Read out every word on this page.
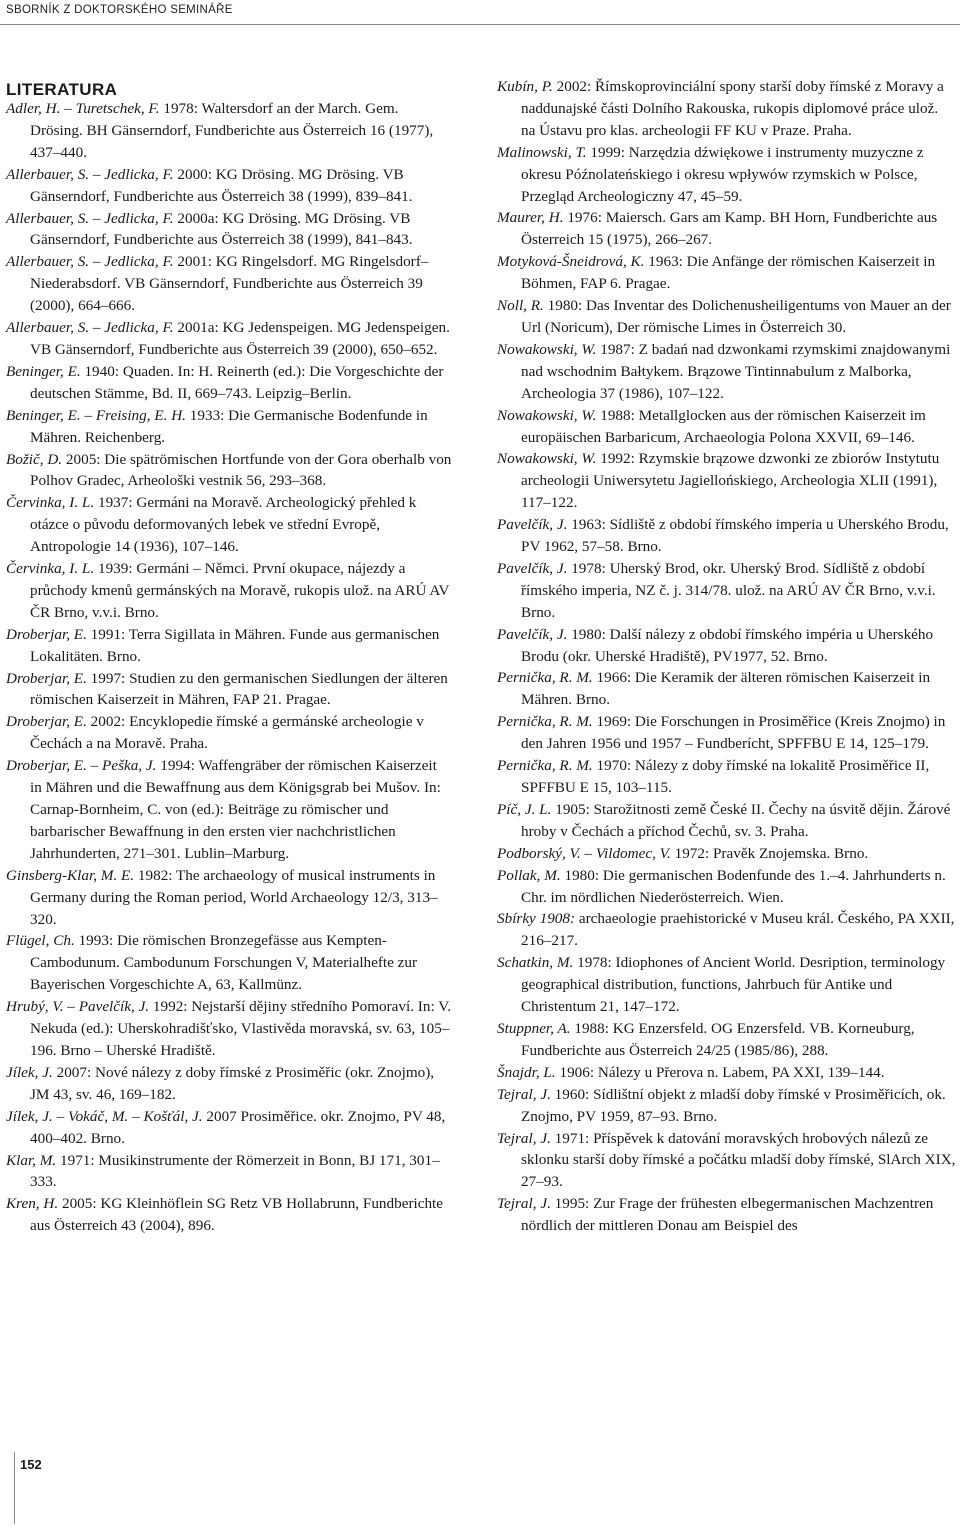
SBORNÍK Z DOKTORSKÉHO SEMINÁŘE
LITERATURA

Adler, H. – Turetschek, F. 1978: Waltersdorf an der March. Gem. Drösing. BH Gänserndorf, Fundberichte aus Österreich 16 (1977), 437–440.

Allerbauer, S. – Jedlicka, F. 2000: KG Drösing. MG Drösing. VB Gänserndorf, Fundberichte aus Österreich 38 (1999), 839–841.

Allerbauer, S. – Jedlicka, F. 2000a: KG Drösing. MG Drösing. VB Gänserndorf, Fundberichte aus Österreich 38 (1999), 841–843.

Allerbauer, S. – Jedlicka, F. 2001: KG Ringelsdorf. MG Ringelsdorf–Niederabsdorf. VB Gänserndorf, Fundberichte aus Österreich 39 (2000), 664–666.

Allerbauer, S. – Jedlicka, F. 2001a: KG Jedenspeigen. MG Jedenspeigen. VB Gänserndorf, Fundberichte aus Österreich 39 (2000), 650–652.

Beninger, E. 1940: Quaden. In: H. Reinerth (ed.): Die Vorgeschichte der deutschen Stämme, Bd. II, 669–743. Leipzig–Berlin.

Beninger, E. – Freising, E. H. 1933: Die Germanische Bodenfunde in Mähren. Reichenberg.

Božič, D. 2005: Die spätrömischen Hortfunde von der Gora oberhalb von Polhov Gradec, Arheološki vestnik 56, 293–368.

Červinka, I. L. 1937: Germáni na Moravě. Archeologický přehled k otázce o původu deformovaných lebek ve střední Evropě, Antropologie 14 (1936), 107–146.

Červinka, I. L. 1939: Germáni – Němci. První okupace, nájezdy a průchody kmenů germánských na Moravě, rukopis ulož. na ARÚ AV ČR Brno, v.v.i. Brno.

Droberjar, E. 1991: Terra Sigillata in Mähren. Funde aus germanischen Lokalitäten. Brno.

Droberjar, E. 1997: Studien zu den germanischen Siedlungen der älteren römischen Kaiserzeit in Mähren, FAP 21. Pragae.

Droberjar, E. 2002: Encyklopedie římské a germánské archeologie v Čechách a na Moravě. Praha.

Droberjar, E. – Peška, J. 1994: Waffengräber der römischen Kaiserzeit in Mähren und die Bewaffnung aus dem Königsgrab bei Mušov. In: Carnap-Bornheim, C. von (ed.): Beiträge zu römischer und barbarischer Bewaffnung in den ersten vier nachchristlichen Jahrhunderten, 271–301. Lublin–Marburg.

Ginsberg-Klar, M. E. 1982: The archaeology of musical instruments in Germany during the Roman period, World Archaeology 12/3, 313–320.

Flügel, Ch. 1993: Die römischen Bronzegefässe aus Kempten-Cambodunum. Cambodunum Forschungen V, Materialhefte zur Bayerischen Vorgeschichte A, 63, Kallmünz.

Hrubý, V. – Pavelčík, J. 1992: Nejstarší dějiny středního Pomoraví. In: V. Nekuda (ed.): Uherskohradišťsko, Vlastivěda moravská, sv. 63, 105–196. Brno – Uherské Hradiště.

Jílek, J. 2007: Nové nálezy z doby římské z Prosiměřic (okr. Znojmo), JM 43, sv. 46, 169–182.

Jílek, J. – Vokáč, M. – Košťál, J. 2007 Prosiměřice. okr. Znojmo, PV 48, 400–402. Brno.

Klar, M. 1971: Musikinstrumente der Römerzeit in Bonn, BJ 171, 301–333.

Kren, H. 2005: KG Kleinhöflein SG Retz VB Hollabrunn, Fundberichte aus Österreich 43 (2004), 896.

Kubín, P. 2002: Římskoprovinciální spony starší doby římské z Moravy a naddunajské části Dolního Rakouska, rukopis diplomové práce ulož. na Ústavu pro klas. archeologii FF KU v Praze. Praha.

Malinowski, T. 1999: Narzędzia dźwiękowe i instrumenty muzyczne z okresu Późnolateńskiego i okresu wpływów rzymskich w Polsce, Przegląd Archeologiczny 47, 45–59.

Maurer, H. 1976: Maiersch. Gars am Kamp. BH Horn, Fundberichte aus Österreich 15 (1975), 266–267.

Motyková-Šneidrová, K. 1963: Die Anfänge der römischen Kaiserzeit in Böhmen, FAP 6. Pragae.

Noll, R. 1980: Das Inventar des Dolichenusheiligentums von Mauer an der Url (Noricum), Der römische Limes in Österreich 30.

Nowakowski, W. 1987: Z badań nad dzwonkami rzymskimi znajdowanymi nad wschodnim Bałtykem. Brązowe Tintinnabulum z Malborka, Archeologia 37 (1986), 107–122.

Nowakowski, W. 1988: Metallglocken aus der römischen Kaiserzeit im europäischen Barbaricum, Archaeologia Polona XXVII, 69–146.

Nowakowski, W. 1992: Rzymskie brązowe dzwonki ze zbiorów Instytutu archeologii Uniwersytetu Jagiellońskiego, Archeologia XLII (1991), 117–122.

Pavelčík, J. 1963: Sídliště z období římského imperia u Uherského Brodu, PV 1962, 57–58. Brno.

Pavelčík, J. 1978: Uherský Brod, okr. Uherský Brod. Sídliště z období římského imperia, NZ č. j. 314/78. ulož. na ARÚ AV ČR Brno, v.v.i. Brno.

Pavelčík, J. 1980: Další nálezy z období římského impéria u Uherského Brodu (okr. Uherské Hradiště), PV1977, 52. Brno.

Pernička, R. M. 1966: Die Keramik der älteren römischen Kaiserzeit in Mähren. Brno.

Pernička, R. M. 1969: Die Forschungen in Prosiměřice (Kreis Znojmo) in den Jahren 1956 und 1957 – Fundberícht, SPFFBU E 14, 125–179.

Pernička, R. M. 1970: Nálezy z doby římské na lokalitě Prosiměřice II, SPFFBU E 15, 103–115.

Píč, J. L. 1905: Starožitnosti země České II. Čechy na úsvitě dějin. Žárové hroby v Čechách a příchod Čechů, sv. 3. Praha.

Podborský, V. – Vildomec, V. 1972: Pravěk Znojemska. Brno.

Pollak, M. 1980: Die germanischen Bodenfunde des 1.–4. Jahrhunderts n. Chr. im nördlichen Niederösterreich. Wien.

Sbírky 1908: archaeologie praehistorické v Museu král. Českého, PA XXII, 216–217.

Schatkin, M. 1978: Idiophones of Ancient World. Desription, terminology geographical distribution, functions, Jahrbuch für Antike und Christentum 21, 147–172.

Stuppner, A. 1988: KG Enzersfeld. OG Enzersfeld. VB. Korneuburg, Fundberichte aus Österreich 24/25 (1985/86), 288.

Šnajdr, L. 1906: Nálezy u Přerova n. Labem, PA XXI, 139–144.

Tejral, J. 1960: Sídlištní objekt z mladší doby římské v Prosiměřicích, ok. Znojmo, PV 1959, 87–93. Brno.

Tejral, J. 1971: Příspěvek k datování moravských hrobových nálezů ze sklonku starší doby římské a počátku mladší doby římské, SlArch XIX, 27–93.

Tejral, J. 1995: Zur Frage der frühesten elbegermanischen Machzentren nördlich der mittleren Donau am Beispiel des

152
